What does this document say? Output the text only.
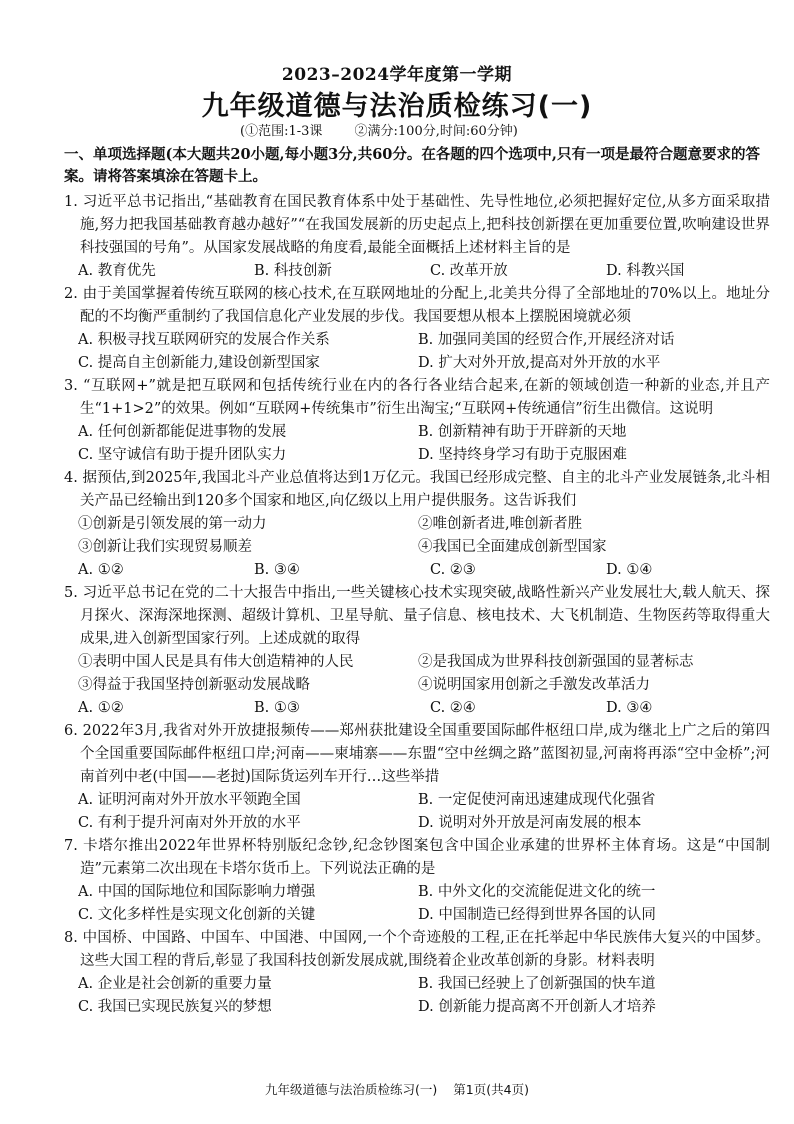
2023–2024学年度第一学期
九年级道德与法治质检练习(一)
(①范围:1-3课 ②满分:100分,时间:60分钟)
一、单项选择题(本大题共20小题,每小题3分,共60分。在各题的四个选项中,只有一项是最符合题意要求的答案。请将答案填涂在答题卡上。

1. 习近平总书记指出,“基础教育在国民教育体系中处于基础性、先导性地位,必须把握好定位,从多方面采取措施,努力把我国基础教育越办越好”“在我国发展新的历史起点上,把科技创新摆在更加重要位置,吹响建设世界科技强国的号角”。从国家发展战略的角度看,最能全面概括上述材料主旨的是

A. 教育优先	B. 科技创新	C. 改革开放	D. 科教兴国

2. 由于美国掌握着传统互联网的核心技术,在互联网地址的分配上,北美共分得了全部地址的70%以上。地址分配的不均衡严重制约了我国信息化产业发展的步伐。我国要想从根本上摆脱困境就必须

A. 积极寻找互联网研究的发展合作关系	B. 加强同美国的经贸合作,开展经济对话
C. 提高自主创新能力,建设创新型国家	D. 扩大对外开放,提高对外开放的水平

3. “互联网+”就是把互联网和包括传统行业在内的各行各业结合起来,在新的领域创造一种新的业态,并且产生“1+1>2”的效果。例如“互联网+传统集市”衍生出淘宝;“互联网+传统通信”衍生出微信。这说明

A. 任何创新都能促进事物的发展	B. 创新精神有助于开辟新的天地
C. 坚守诚信有助于提升团队实力	D. 坚持终身学习有助于克服困难

4. 据预估,到2025年,我国北斗产业总值将达到1万亿元。我国已经形成完整、自主的北斗产业发展链条,北斗相关产品已经输出到120多个国家和地区,向亿级以上用户提供服务。这告诉我们

①创新是引领发展的第一动力	②唯创新者进,唯创新者胜
③创新让我们实现贸易顺差	④我国已全面建成创新型国家
A. ①②	B. ③④	C. ②③	D. ①④

5. 习近平总书记在党的二十大报告中指出,一些关键核心技术实现突破,战略性新兴产业发展壮大,载人航天、探月探火、深海深地探测、超级计算机、卫星导航、量子信息、核电技术、大飞机制造、生物医药等取得重大成果,进入创新型国家行列。上述成就的取得

①表明中国人民是具有伟大创造精神的人民	②是我国成为世界科技创新强国的显著标志
③得益于我国坚持创新驱动发展战略	④说明国家用创新之手激发改革活力
A. ①②	B. ①③	C. ②④	D. ③④

6. 2022年3月,我省对外开放捷报频传——郑州获批建设全国重要国际邮件枢纽口岸,成为继北上广之后的第四个全国重要国际邮件枢纽口岸;河南——柬埔寨——东盟“空中丝绸之路”蓝图初显,河南将再添“空中金桥”;河南首列中老(中国——老挝)国际货运列车开行…这些举措

A. 证明河南对外开放水平领跑全国	B. 一定促使河南迅速建成现代化强省
C. 有利于提升河南对外开放的水平	D. 说明对外开放是河南发展的根本

7. 卡塔尔推出2022年世界杯特别版纪念钞,纪念钞图案包含中国企业承建的世界杯主体育场。这是“中国制造”元素第二次出现在卡塔尔货币上。下列说法正确的是

A. 中国的国际地位和国际影响力增强	B. 中外文化的交流能促进文化的统一
C. 文化多样性是实现文化创新的关键	D. 中国制造已经得到世界各国的认同

8. 中国桥、中国路、中国车、中国港、中国网,一个个奇迹般的工程,正在托举起中华民族伟大复兴的中国梦。这些大国工程的背后,彰显了我国科技创新发展成就,围绕着企业改革创新的身影。材料表明

A. 企业是社会创新的重要力量	B. 我国已经驶上了创新强国的快车道
C. 我国已实现民族复兴的梦想	D. 创新能力提高离不开创新人才培养
九年级道德与法治质检练习(一) 第1页(共4页)
